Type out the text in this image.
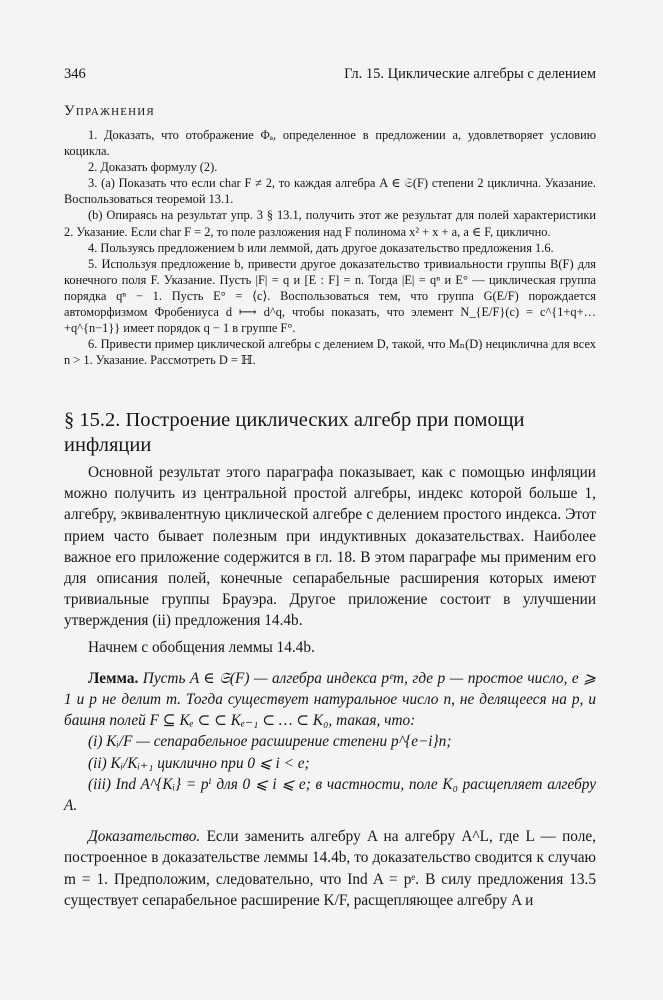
346	Гл. 15. Циклические алгебры с делением
Упражнения

1. Доказать, что отображение Φₐ, определенное в предложении a, удовлетворяет условию коцикла.

2. Доказать формулу (2).

3. (a) Показать что если char F ≠ 2, то каждая алгебра A ∈ 𝔖(F) степени 2 циклична. Указание. Воспользоваться теоремой 13.1.

(b) Опираясь на результат упр. 3 § 13.1, получить этот же результат для полей характеристики 2. Указание. Если char F = 2, то поле разложения над F полинома x² + x + a, a ∈ F, циклично.

4. Пользуясь предложением b или леммой, дать другое доказательство предложения 1.6.

5. Используя предложение b, привести другое доказательство тривиальности группы B(F) для конечного поля F. Указание. Пусть |F| = q и [E : F] = n. Тогда |E| = qⁿ и E° — циклическая группа порядка qⁿ − 1. Пусть E° = ⟨c⟩. Воспользоваться тем, что группа G(E/F) порождается автоморфизмом Фробениуса d ⟼ d^q, чтобы показать, что элемент N_{E/F}(c) = c^{1+q+…+q^{n−1}} имеет порядок q − 1 в группе F°.

6. Привести пример циклической алгебры с делением D, такой, что Mₙ(D) нециклична для всех n > 1. Указание. Рассмотреть D = ℍ.

§ 15.2. Построение циклических алгебр при помощи инфляции

Основной результат этого параграфа показывает, как с помощью инфляции можно получить из центральной простой алгебры, индекс которой больше 1, алгебру, эквивалентную циклической алгебре с делением простого индекса. Этот прием часто бывает полезным при индуктивных доказательствах. Наиболее важное его приложение содержится в гл. 18. В этом параграфе мы применим его для описания полей, конечные сепарабельные расширения которых имеют тривиальные группы Брауэра. Другое приложение состоит в улучшении утверждения (ii) предложения 14.4b.

Начнем с обобщения леммы 14.4b.

Лемма. Пусть A ∈ 𝔖(F) — алгебра индекса pᵉm, где p — простое число, e ⩾ 1 и p не делит m. Тогда существует натуральное число n, не делящееся на p, и башня полей F ⊆ Kₑ ⊂ ⊂ Kₑ₋₁ ⊂ … ⊂ K₀, такая, что:

(i) Kᵢ/F — сепарабельное расширение степени p^{e−i}n;

(ii) Kᵢ/Kᵢ₊₁ циклично при 0 ⩽ i < e;

(iii) Ind A^{Kᵢ} = pⁱ для 0 ⩽ i ⩽ e; в частности, поле K₀ расщепляет алгебру A.

Доказательство. Если заменить алгебру A на алгебру A^L, где L — поле, построенное в доказательстве леммы 14.4b, то доказательство сводится к случаю m = 1. Предположим, следовательно, что Ind A = pᵉ. В силу предложения 13.5 существует сепарабельное расширение K/F, расщепляющее алгебру A и
